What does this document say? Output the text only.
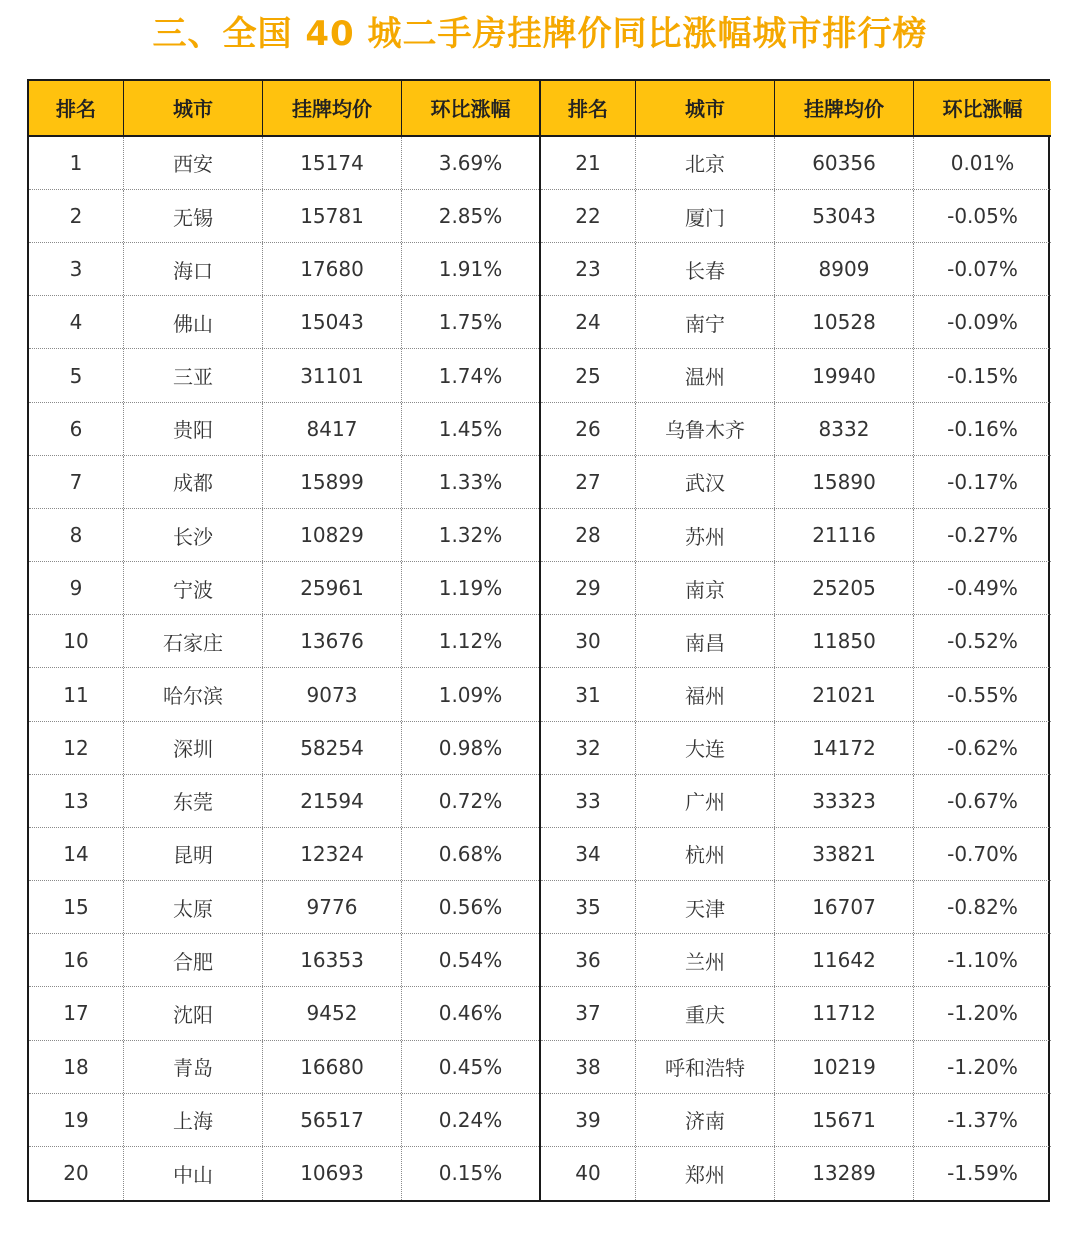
三、全国 40 城二手房挂牌价同比涨幅城市排行榜
排名	城市	挂牌均价	环比涨幅
1	西安	15174	3.69%
2	无锡	15781	2.85%
3	海口	17680	1.91%
4	佛山	15043	1.75%
5	三亚	31101	1.74%
6	贵阳	8417	1.45%
7	成都	15899	1.33%
8	长沙	10829	1.32%
9	宁波	25961	1.19%
10	石家庄	13676	1.12%
11	哈尔滨	9073	1.09%
12	深圳	58254	0.98%
13	东莞	21594	0.72%
14	昆明	12324	0.68%
15	太原	9776	0.56%
16	合肥	16353	0.54%
17	沈阳	9452	0.46%
18	青岛	16680	0.45%
19	上海	56517	0.24%
20	中山	10693	0.15%
排名	城市	挂牌均价	环比涨幅
21	北京	60356	0.01%
22	厦门	53043	-0.05%
23	长春	8909	-0.07%
24	南宁	10528	-0.09%
25	温州	19940	-0.15%
26	乌鲁木齐	8332	-0.16%
27	武汉	15890	-0.17%
28	苏州	21116	-0.27%
29	南京	25205	-0.49%
30	南昌	11850	-0.52%
31	福州	21021	-0.55%
32	大连	14172	-0.62%
33	广州	33323	-0.67%
34	杭州	33821	-0.70%
35	天津	16707	-0.82%
36	兰州	11642	-1.10%
37	重庆	11712	-1.20%
38	呼和浩特	10219	-1.20%
39	济南	15671	-1.37%
40	郑州	13289	-1.59%
